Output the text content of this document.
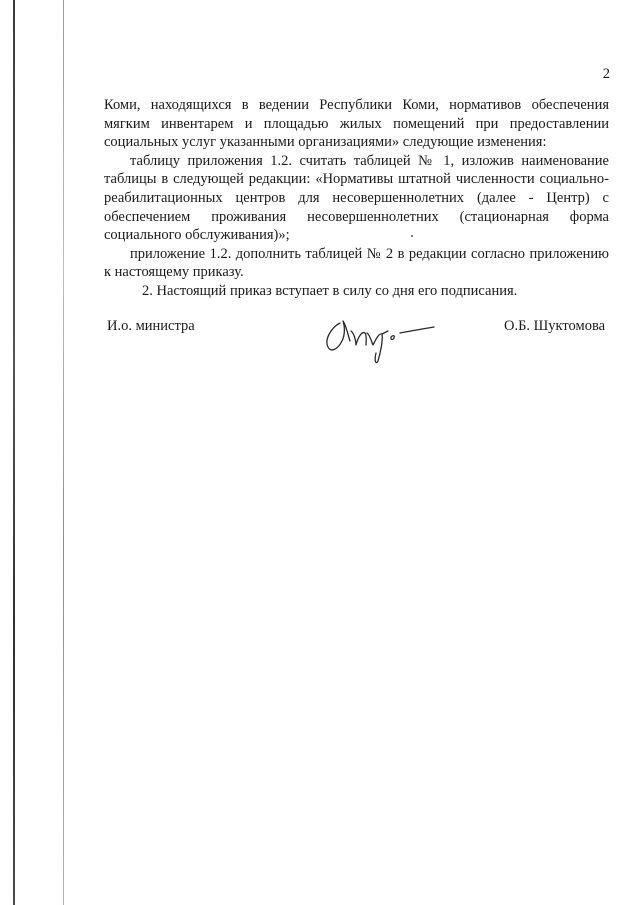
2

Коми, находящихся в ведении Республики Коми, нормативов обеспечения мягким инвентарем и площадью жилых помещений при предоставлении социальных услуг указанными организациями» следующие изменения:

таблицу приложения 1.2. считать таблицей № 1, изложив наименование таблицы в следующей редакции: «Нормативы штатной численности социально-реабилитационных центров для несовершеннолетних (далее - Центр) с обеспечением проживания несовершеннолетних (стационарная форма социального обслуживания)»;

приложение 1.2. дополнить таблицей № 2 в редакции согласно приложению к настоящему приказу.

2. Настоящий приказ вступает в силу со дня его подписания.

И.о. министра	О.Б. Шуктомова
